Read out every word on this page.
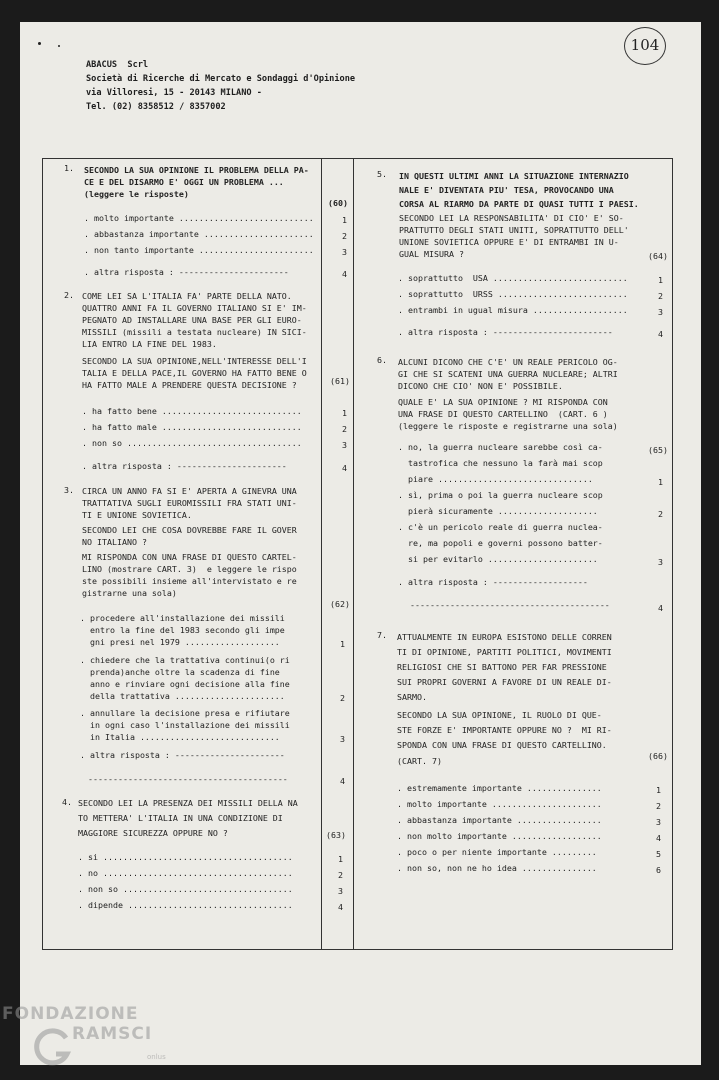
104
ABACUS  Scrl
Società di Ricerche di Mercato e Sondaggi d'Opinione
via Villoresi, 15 - 20143 MILANO -
Tel. (02) 8358512 / 8357002
1. SECONDO LA SUA OPINIONE IL PROBLEMA DELLA PA-
CE E DEL DISARMO E' OGGI UN PROBLEMA ...
(leggere le risposte)
(60)
. molto importante ...........................	1
. abbastanza importante ......................	2
. non tanto importante .......................	3
. altra risposta : ----------------------	4
2. COME LEI SA L'ITALIA FA' PARTE DELLA NATO.
QUATTRO ANNI FA IL GOVERNO ITALIANO SI E' IM-
PEGNATO AD INSTALLARE UNA BASE PER GLI EURO-
MISSILI (missili a testata nucleare) IN SICI-
LIA ENTRO LA FINE DEL 1983.
SECONDO LA SUA OPINIONE,NELL'INTERESSE DELL'I
TALIA E DELLA PACE,IL GOVERNO HA FATTO BENE O
HA FATTO MALE A PRENDERE QUESTA DECISIONE ?	(61)
. ha fatto bene ............................	1
. ha fatto male ............................	2
. non so ...................................	3
. altra risposta : ----------------------	4
3. CIRCA UN ANNO FA SI E' APERTA A GINEVRA UNA
TRATTATIVA SUGLI EUROMISSILI FRA STATI UNI-
TI E UNIONE SOVIETICA.
SECONDO LEI CHE COSA DOVREBBE FARE IL GOVER
NO ITALIANO ?
MI RISPONDA CON UNA FRASE DI QUESTO CARTEL-
LINO (mostrare CART. 3)  e leggere le rispo
ste possibili insieme all'intervistato e re
gistrarne una sola)
(62)
. procedere all'installazione dei missili
entro la fine del 1983 secondo gli impe
gni presi nel 1979 ...................	1
. chiedere che la trattativa continui(o ri
prenda)anche oltre la scadenza di fine
anno e rinviare ogni decisione alla fine
della trattativa ......................	2
. annullare la decisione presa e rifiutare
in ogni caso l'installazione dei missili
in Italia ............................	3
. altra risposta : ----------------------
----------------------------------------	4
4. SECONDO LEI LA PRESENZA DEI MISSILI DELLA NA
TO METTERA' L'ITALIA IN UNA CONDIZIONE DI
MAGGIORE SICUREZZA OPPURE NO ?	(63)
. si ......................................	1
. no ......................................	2
. non so ..................................	3
. dipende .................................	4
5. IN QUESTI ULTIMI ANNI LA SITUAZIONE INTERNAZIO
NALE E' DIVENTATA PIU' TESA, PROVOCANDO UNA
CORSA AL RIARMO DA PARTE DI QUASI TUTTI I PAESI.
SECONDO LEI LA RESPONSABILITA' DI CIO' E' SO-
PRATTUTTO DEGLI STATI UNITI, SOPRATTUTTO DELL'
UNIONE SOVIETICA OPPURE E' DI ENTRAMBI IN U-
GUAL MISURA ?	(64)
. soprattutto  USA ...........................	1
. soprattutto  URSS ..........................	2
. entrambi in ugual misura ...................	3
. altra risposta : ------------------------	4
6. ALCUNI DICONO CHE C'E' UN REALE PERICOLO OG-
GI CHE SI SCATENI UNA GUERRA NUCLEARE; ALTRI
DICONO CHE CIO' NON E' POSSIBILE.
QUALE E' LA SUA OPINIONE ? MI RISPONDA CON
UNA FRASE DI QUESTO CARTELLINO  (CART. 6 )
(leggere le risposte e registrarne una sola)
(65)
. no, la guerra nucleare sarebbe così ca-
tastrofica che nessuno la farà mai scop
piare ...............................	1
. sì, prima o poi la guerra nucleare scop
pierà sicuramente ....................	2
. c'è un pericolo reale di guerra nuclea-
re, ma popoli e governi possono batter-
si per evitarlo ......................	3
. altra risposta : -------------------
----------------------------------------	4
7. ATTUALMENTE IN EUROPA ESISTONO DELLE CORREN
TI DI OPINIONE, PARTITI POLITICI, MOVIMENTI
RELIGIOSI CHE SI BATTONO PER FAR PRESSIONE
SUI PROPRI GOVERNI A FAVORE DI UN REALE DI-
SARMO.
SECONDO LA SUA OPINIONE, IL RUOLO DI QUE-
STE FORZE E' IMPORTANTE OPPURE NO ?  MI RI-
SPONDA CON UNA FRASE DI QUESTO CARTELLINO.
(CART. 7)	(66)
. estremamente importante ...............	1
. molto importante ......................	2
. abbastanza importante .................	3
. non molto importante ..................	4
. poco o per niente importante .........	5
. non so, non ne ho idea ...............	6
FONDAZIONE
RAMSCI
onlus
